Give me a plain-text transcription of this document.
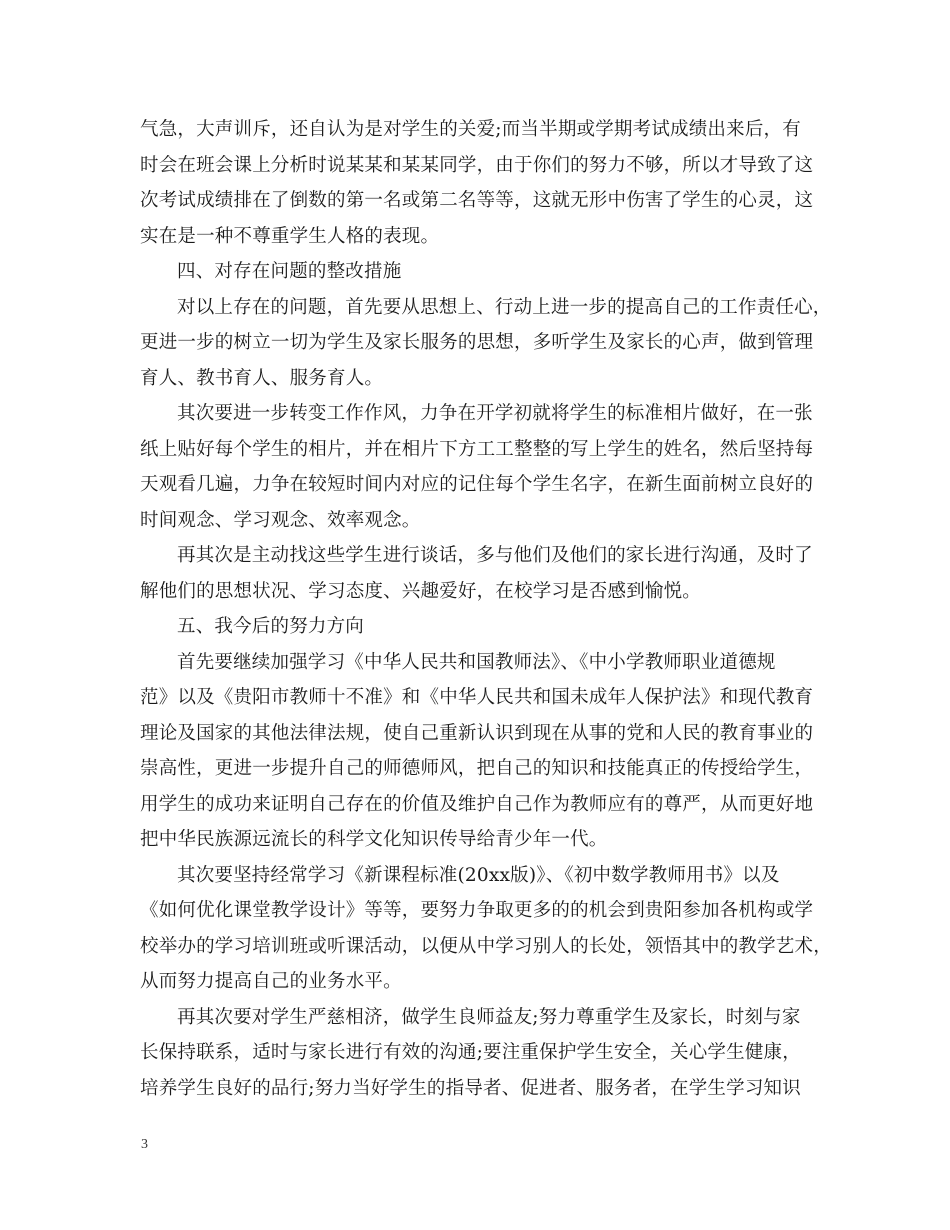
气急，大声训斥，还自认为是对学生的关爱;而当半期或学期考试成绩出来后，有
时会在班会课上分析时说某某和某某同学，由于你们的努力不够，所以才导致了这
次考试成绩排在了倒数的第一名或第二名等等，这就无形中伤害了学生的心灵，这
实在是一种不尊重学生人格的表现。
四、对存在问题的整改措施
对以上存在的问题，首先要从思想上、行动上进一步的提高自己的工作责任心，
更进一步的树立一切为学生及家长服务的思想，多听学生及家长的心声，做到管理
育人、教书育人、服务育人。
其次要进一步转变工作作风，力争在开学初就将学生的标准相片做好，在一张
纸上贴好每个学生的相片，并在相片下方工工整整的写上学生的姓名，然后坚持每
天观看几遍，力争在较短时间内对应的记住每个学生名字，在新生面前树立良好的
时间观念、学习观念、效率观念。
再其次是主动找这些学生进行谈话，多与他们及他们的家长进行沟通，及时了
解他们的思想状况、学习态度、兴趣爱好，在校学习是否感到愉悦。
五、我今后的努力方向
首先要继续加强学习《中华人民共和国教师法》、《中小学教师职业道德规
范》以及《贵阳市教师十不准》和《中华人民共和国未成年人保护法》和现代教育
理论及国家的其他法律法规，使自己重新认识到现在从事的党和人民的教育事业的
崇高性，更进一步提升自己的师德师风，把自己的知识和技能真正的传授给学生，
用学生的成功来证明自己存在的价值及维护自己作为教师应有的尊严，从而更好地
把中华民族源远流长的科学文化知识传导给青少年一代。
其次要坚持经常学习《新课程标准(20xx版)》、《初中数学教师用书》以及
《如何优化课堂教学设计》等等，要努力争取更多的的机会到贵阳参加各机构或学
校举办的学习培训班或听课活动，以便从中学习别人的长处，领悟其中的教学艺术，
从而努力提高自己的业务水平。
再其次要对学生严慈相济，做学生良师益友;努力尊重学生及家长，时刻与家
长保持联系，适时与家长进行有效的沟通;要注重保护学生安全，关心学生健康，
培养学生良好的品行;努力当好学生的指导者、促进者、服务者，在学生学习知识
3
